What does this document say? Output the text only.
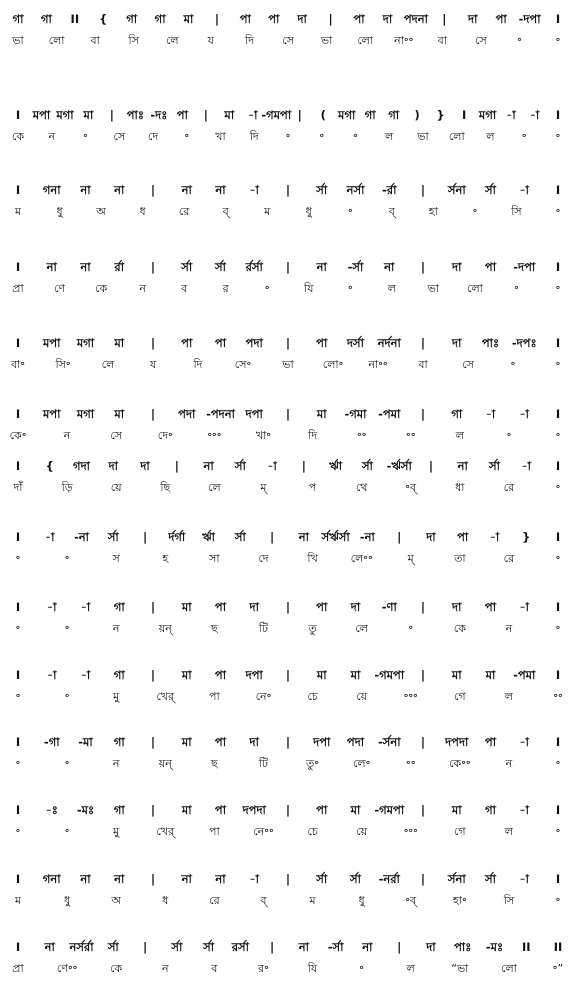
গা গা II { গা গা মা | পা পা দা | পা দা পদনা | দা পা -দপা I
ভা লো বা	সি লে	য	দি	সে ভা লো না॰॰ বা	সে	॰	॰
I মপা মগা মা | পাঃ -দঃ পা | মা -া -গমপা | ( মগা গা গা ) } I মগা -া -া I
কে ন	॰ সে দে ॰ খা দি ॰	॰	॰ ল ভা লো ল ॰	॰
I গনা না না | না না -া | র্সা নর্সা -র্রা | র্সনা র্সা -া I
ম	ধু	অ	ধ	রে	ব্	ম	ধু	॰	ব্	হা	॰	সি	॰
I না না র্রা | র্সা র্সা র্রর্সা | না -র্সা না | দা পা -দপা I
প্রা	ণে	কে	ন	ব	র	॰	যি	॰	ল	ভা	লো	॰	॰
I মপা মগা মা | পা পা পদা | পা দর্সা নর্দনা | দা পাঃ -দপঃ I
বা॰	সি॰	লে	য	দি	সে॰	ভা	লো॰ না॰॰	বা	সে	॰	॰
I মপা মগা মা | পদা -পদনা দপা | মা -গমা -পমা | গা -া -া I
কে॰	ন	সে	দে॰	॰॰॰	খা॰	দি	॰॰	॰॰	ল	॰	॰
I { গদা দা দা | না র্সা -া | র্ঋা র্সা -র্ঋর্সা | না র্সা -া I
দাঁ	ড়ি	য়ে	ছি	লে	ম্	প	থে	॰ব্	ধা	রে	॰
I -া -না র্সা | র্দর্গা র্ঋা র্সা | না র্সর্ঋর্সা -না | দা পা -া } I
॰	॰	স	হ	সা	দে	খি	লে॰॰	ম্	তা	রে	॰
I -া -া গা | মা পা দা | পা দা -ণা | দা পা -া I
॰	॰	ন	য়ন্	ছ	টি	তু	লে	॰	কে	ন	॰
I -া -া গা | মা পা দপা | মা মা -গমপা | মা মা -পমা I
॰	॰	মু	খের্	পা	নে॰	চে	য়ে	॰॰॰	গে	ল	॰॰
I -গা -মা গা | মা পা দা | দপা পদা -র্সনা | দপদা পা -া I
॰	॰	ন	য়ন্	ছ	টি	তু॰	লে॰	॰॰	কে॰॰	ন	॰
I -ঃ -মঃ গা | মা পা দপদা | পা মা -গমপা | মা গা -া I
॰	॰	মু	খের্	পা	নে॰॰	চে	য়ে	॰॰॰	গে	ল	॰
I গনা না না | না না -া | র্সা র্সা -নর্রা | র্সনা র্সা -া I
ম	ধু	অ	ধ	রে	ব্	ম	ধু	॰ব্	হা॰	সি	॰
I না নর্সর্রা র্সা | র্সা র্সা রর্সা | না -র্সা না | দা পাঃ -মঃ II II
প্রা	ণে॰॰	কে	ন	ব	র॰	যি	॰	ল	“ভা	লো	॰”
